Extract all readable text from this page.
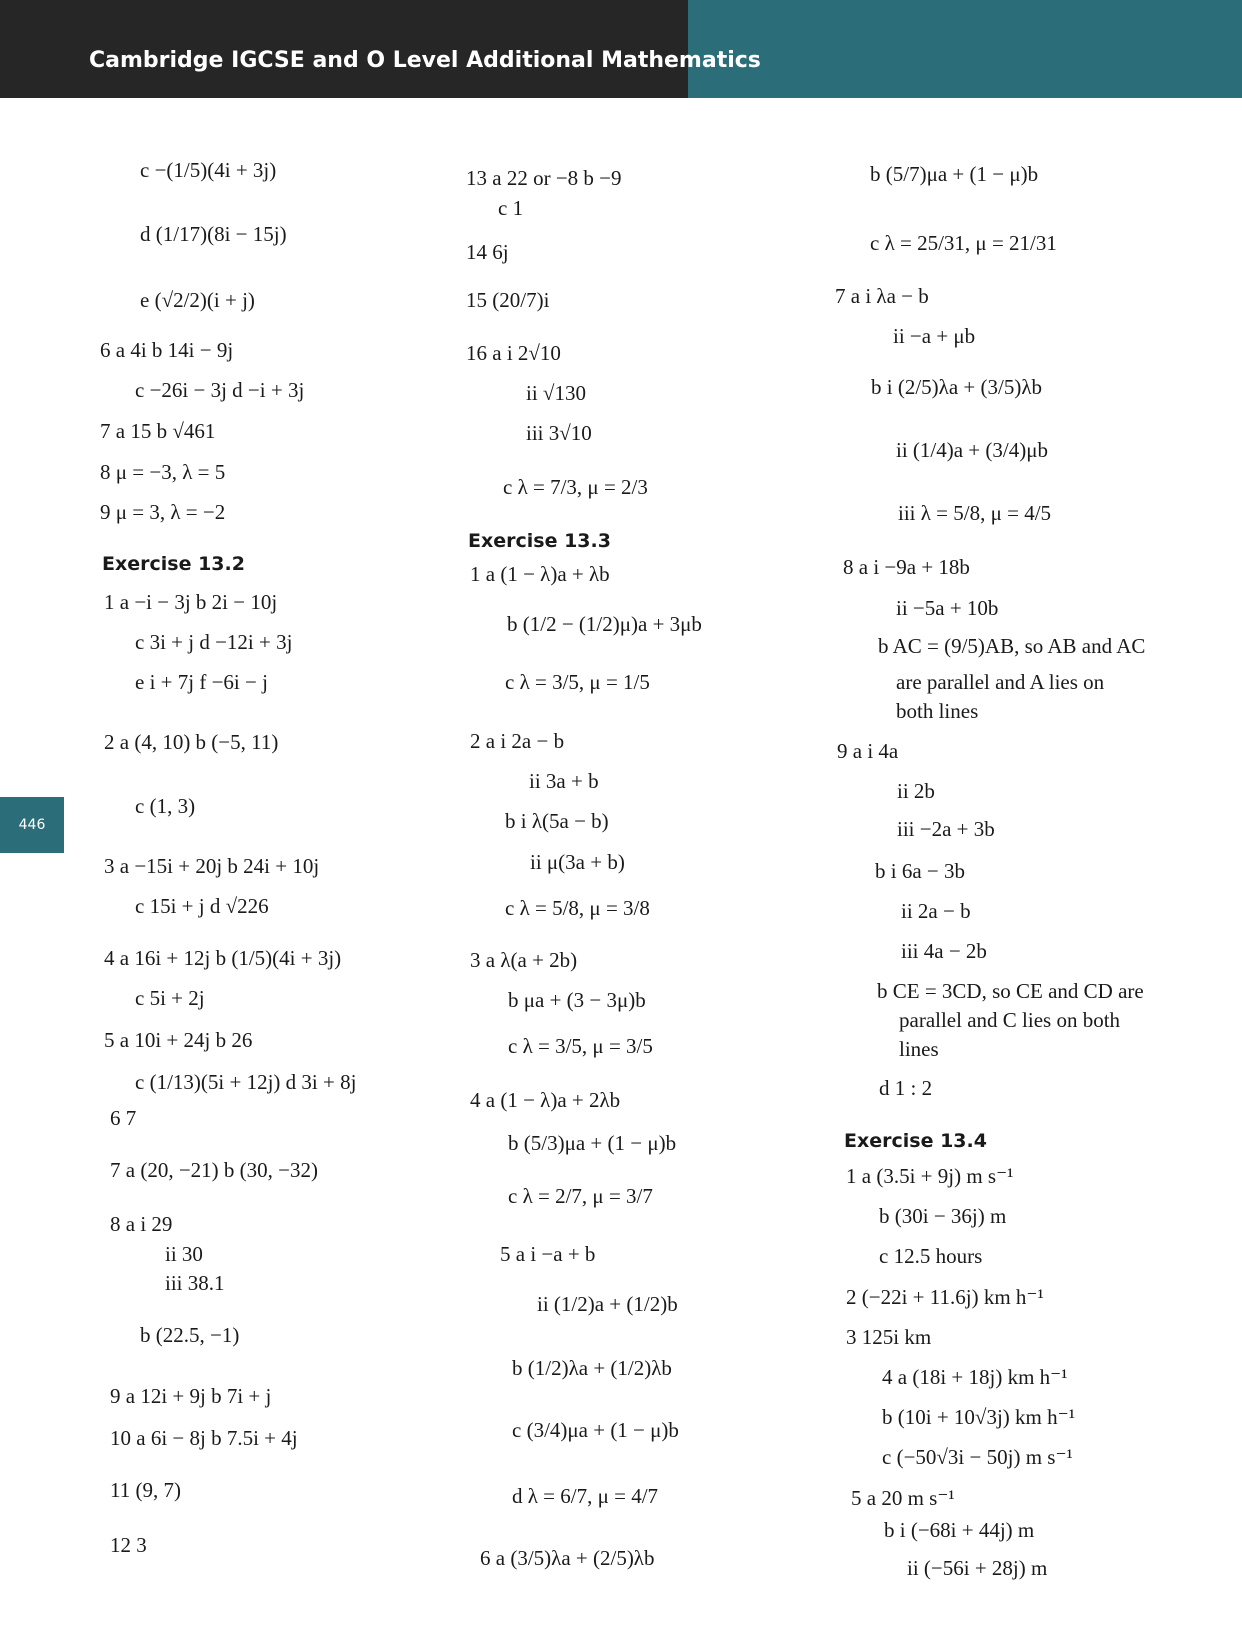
Cambridge IGCSE and O Level Additional Mathematics
446
c −(1/5)(4i + 3j)
d (1/17)(8i − 15j)
e (√2/2)(i + j)
6 a 4i b 14i − 9j
c −26i − 3j d −i + 3j
7 a 15 b √461
8 μ = −3, λ = 5
9 μ = 3, λ = −2
Exercise 13.2
1 a −i − 3j b 2i − 10j
c 3i + j d −12i + 3j
e i + 7j f −6i − j
2 a (4, 10) b (−5, 11)
c (1, 3)
3 a −15i + 20j b 24i + 10j
c 15i + j d √226
4 a 16i + 12j b (1/5)(4i + 3j)
c 5i + 2j
5 a 10i + 24j b 26
c (1/13)(5i + 12j) d 3i + 8j
6 7
7 a (20, −21) b (30, −32)
8 a i 29
ii 30
iii 38.1
b (22.5, −1)
9 a 12i + 9j b 7i + j
10 a 6i − 8j b 7.5i + 4j
11 (9, 7)
12 3
13 a 22 or −8 b −9
c 1
14 6j
15 (20/7)i
16 a i 2√10
ii √130
iii 3√10
c λ = 7/3, μ = 2/3
Exercise 13.3
1 a (1 − λ)a + λb
b (1/2 − (1/2)μ)a + 3μb
c λ = 3/5, μ = 1/5
2 a i 2a − b
ii 3a + b
b i λ(5a − b)
ii μ(3a + b)
c λ = 5/8, μ = 3/8
3 a λ(a + 2b)
b μa + (3 − 3μ)b
c λ = 3/5, μ = 3/5
4 a (1 − λ)a + 2λb
b (5/3)μa + (1 − μ)b
c λ = 2/7, μ = 3/7
5 a i −a + b
ii (1/2)a + (1/2)b
b (1/2)λa + (1/2)λb
c (3/4)μa + (1 − μ)b
d λ = 6/7, μ = 4/7
6 a (3/5)λa + (2/5)λb
b (5/7)μa + (1 − μ)b
c λ = 25/31, μ = 21/31
7 a i λa − b
ii −a + μb
b i (2/5)λa + (3/5)λb
ii (1/4)a + (3/4)μb
iii λ = 5/8, μ = 4/5
8 a i −9a + 18b
ii −5a + 10b
b AC = (9/5)AB, so AB and AC
are parallel and A lies on
both lines
9 a i 4a
ii 2b
iii −2a + 3b
b i 6a − 3b
ii 2a − b
iii 4a − 2b
b CE = 3CD, so CE and CD are
parallel and C lies on both
lines
d 1 : 2
Exercise 13.4
1 a (3.5i + 9j) m s⁻¹
b (30i − 36j) m
c 12.5 hours
2 (−22i + 11.6j) km h⁻¹
3 125i km
4 a (18i + 18j) km h⁻¹
b (10i + 10√3j) km h⁻¹
c (−50√3i − 50j) m s⁻¹
5 a 20 m s⁻¹
b i (−68i + 44j) m
ii (−56i + 28j) m
